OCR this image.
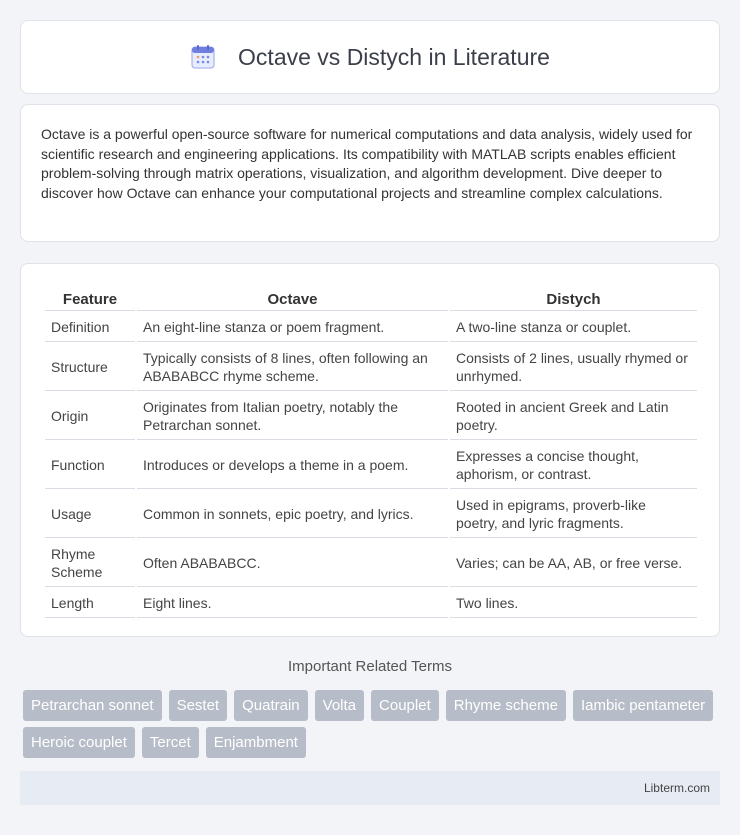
Octave vs Distych in Literature

Octave is a powerful open-source software for numerical computations and data analysis, widely used for scientific research and engineering applications. Its compatibility with MATLAB scripts enables efficient problem-solving through matrix operations, visualization, and algorithm development. Dive deeper to discover how Octave can enhance your computational projects and streamline complex calculations.

Feature	Octave	Distych
Definition	An eight-line stanza or poem fragment.	A two-line stanza or couplet.
Structure	Typically consists of 8 lines, often following an ABABABCC rhyme scheme.	Consists of 2 lines, usually rhymed or unrhymed.
Origin	Originates from Italian poetry, notably the Petrarchan sonnet.	Rooted in ancient Greek and Latin poetry.
Function	Introduces or develops a theme in a poem.	Expresses a concise thought, aphorism, or contrast.
Usage	Common in sonnets, epic poetry, and lyrics.	Used in epigrams, proverb-like poetry, and lyric fragments.
Rhyme Scheme	Often ABABABCC.	Varies; can be AA, AB, or free verse.
Length	Eight lines.	Two lines.
Important Related Terms
Petrarchan sonnet	Sestet	Quatrain	Volta	Couplet	Rhyme scheme	Iambic pentameter
Heroic couplet	Tercet	Enjambment
Libterm.com
